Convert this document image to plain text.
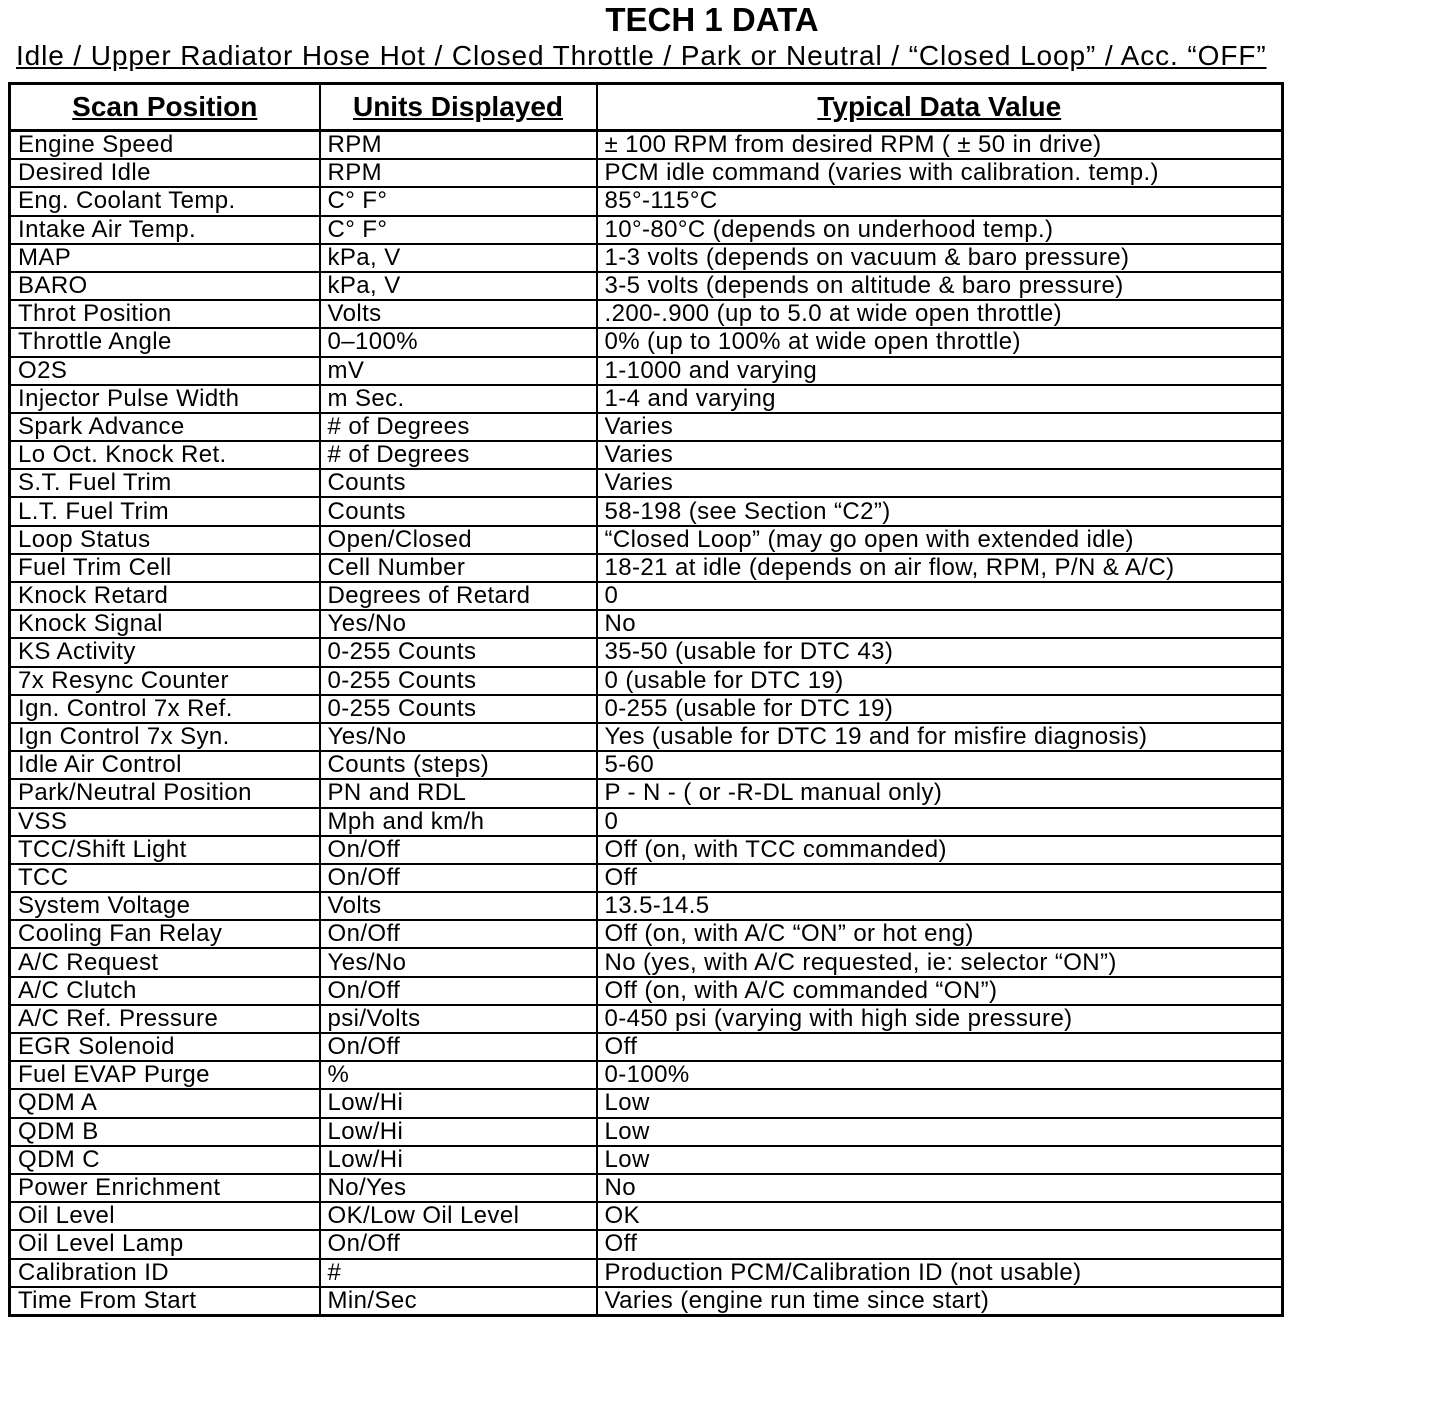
TECH 1 DATA
Idle / Upper Radiator Hose Hot / Closed Throttle / Park or Neutral / “Closed Loop” / Acc. “OFF”
Scan Position	Units Displayed	Typical Data Value
Engine Speed	RPM	± 100 RPM from desired RPM ( ± 50 in drive)
Desired Idle	RPM	PCM idle command (varies with calibration. temp.)
Eng. Coolant Temp.	C° F°	85°-115°C
Intake Air Temp.	C° F°	10°-80°C (depends on underhood temp.)
MAP	kPa, V	1-3 volts (depends on vacuum & baro pressure)
BARO	kPa, V	3-5 volts (depends on altitude & baro pressure)
Throt Position	Volts	.200-.900 (up to 5.0 at wide open throttle)
Throttle Angle	0–100%	0% (up to 100% at wide open throttle)
O2S	mV	1-1000 and varying
Injector Pulse Width	m Sec.	1-4 and varying
Spark Advance	# of Degrees	Varies
Lo Oct. Knock Ret.	# of Degrees	Varies
S.T. Fuel Trim	Counts	Varies
L.T. Fuel Trim	Counts	58-198 (see Section “C2”)
Loop Status	Open/Closed	“Closed Loop” (may go open with extended idle)
Fuel Trim Cell	Cell Number	18-21 at idle (depends on air flow, RPM, P/N & A/C)
Knock Retard	Degrees of Retard	0
Knock Signal	Yes/No	No
KS Activity	0-255 Counts	35-50 (usable for DTC 43)
7x Resync Counter	0-255 Counts	0 (usable for DTC 19)
Ign. Control 7x Ref.	0-255 Counts	0-255 (usable for DTC 19)
Ign Control 7x Syn.	Yes/No	Yes (usable for DTC 19 and for misfire diagnosis)
Idle Air Control	Counts (steps)	5-60
Park/Neutral Position	PN and RDL	P - N - ( or -R-DL manual only)
VSS	Mph and km/h	0
TCC/Shift Light	On/Off	Off (on, with TCC commanded)
TCC	On/Off	Off
System Voltage	Volts	13.5-14.5
Cooling Fan Relay	On/Off	Off (on, with A/C “ON” or hot eng)
A/C Request	Yes/No	No (yes, with A/C requested, ie: selector “ON”)
A/C Clutch	On/Off	Off (on, with A/C commanded “ON”)
A/C Ref. Pressure	psi/Volts	0-450 psi (varying with high side pressure)
EGR Solenoid	On/Off	Off
Fuel EVAP Purge	%	0-100%
QDM A	Low/Hi	Low
QDM B	Low/Hi	Low
QDM C	Low/Hi	Low
Power Enrichment	No/Yes	No
Oil Level	OK/Low Oil Level	OK
Oil Level Lamp	On/Off	Off
Calibration ID	#	Production PCM/Calibration ID (not usable)
Time From Start	Min/Sec	Varies (engine run time since start)
